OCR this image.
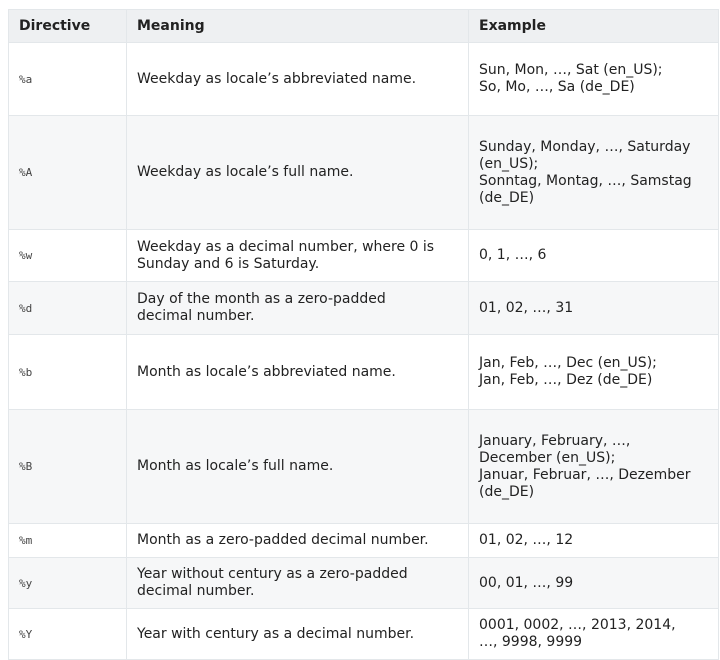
Directive	Meaning	Example
%a	Weekday as locale’s abbreviated name.	Sun, Mon, …, Sat (en_US);
So, Mo, …, Sa (de_DE)
%A	Weekday as locale’s full name.	Sunday, Monday, …, Saturday
(en_US);
Sonntag, Montag, …, Samstag
(de_DE)
%w	Weekday as a decimal number, where 0 is
Sunday and 6 is Saturday.	0, 1, …, 6
%d	Day of the month as a zero-padded
decimal number.	01, 02, …, 31
%b	Month as locale’s abbreviated name.	Jan, Feb, …, Dec (en_US);
Jan, Feb, …, Dez (de_DE)
%B	Month as locale’s full name.	January, February, …,
December (en_US);
Januar, Februar, …, Dezember
(de_DE)
%m	Month as a zero-padded decimal number.	01, 02, …, 12
%y	Year without century as a zero-padded
decimal number.	00, 01, …, 99
%Y	Year with century as a decimal number.	0001, 0002, …, 2013, 2014,
…, 9998, 9999
